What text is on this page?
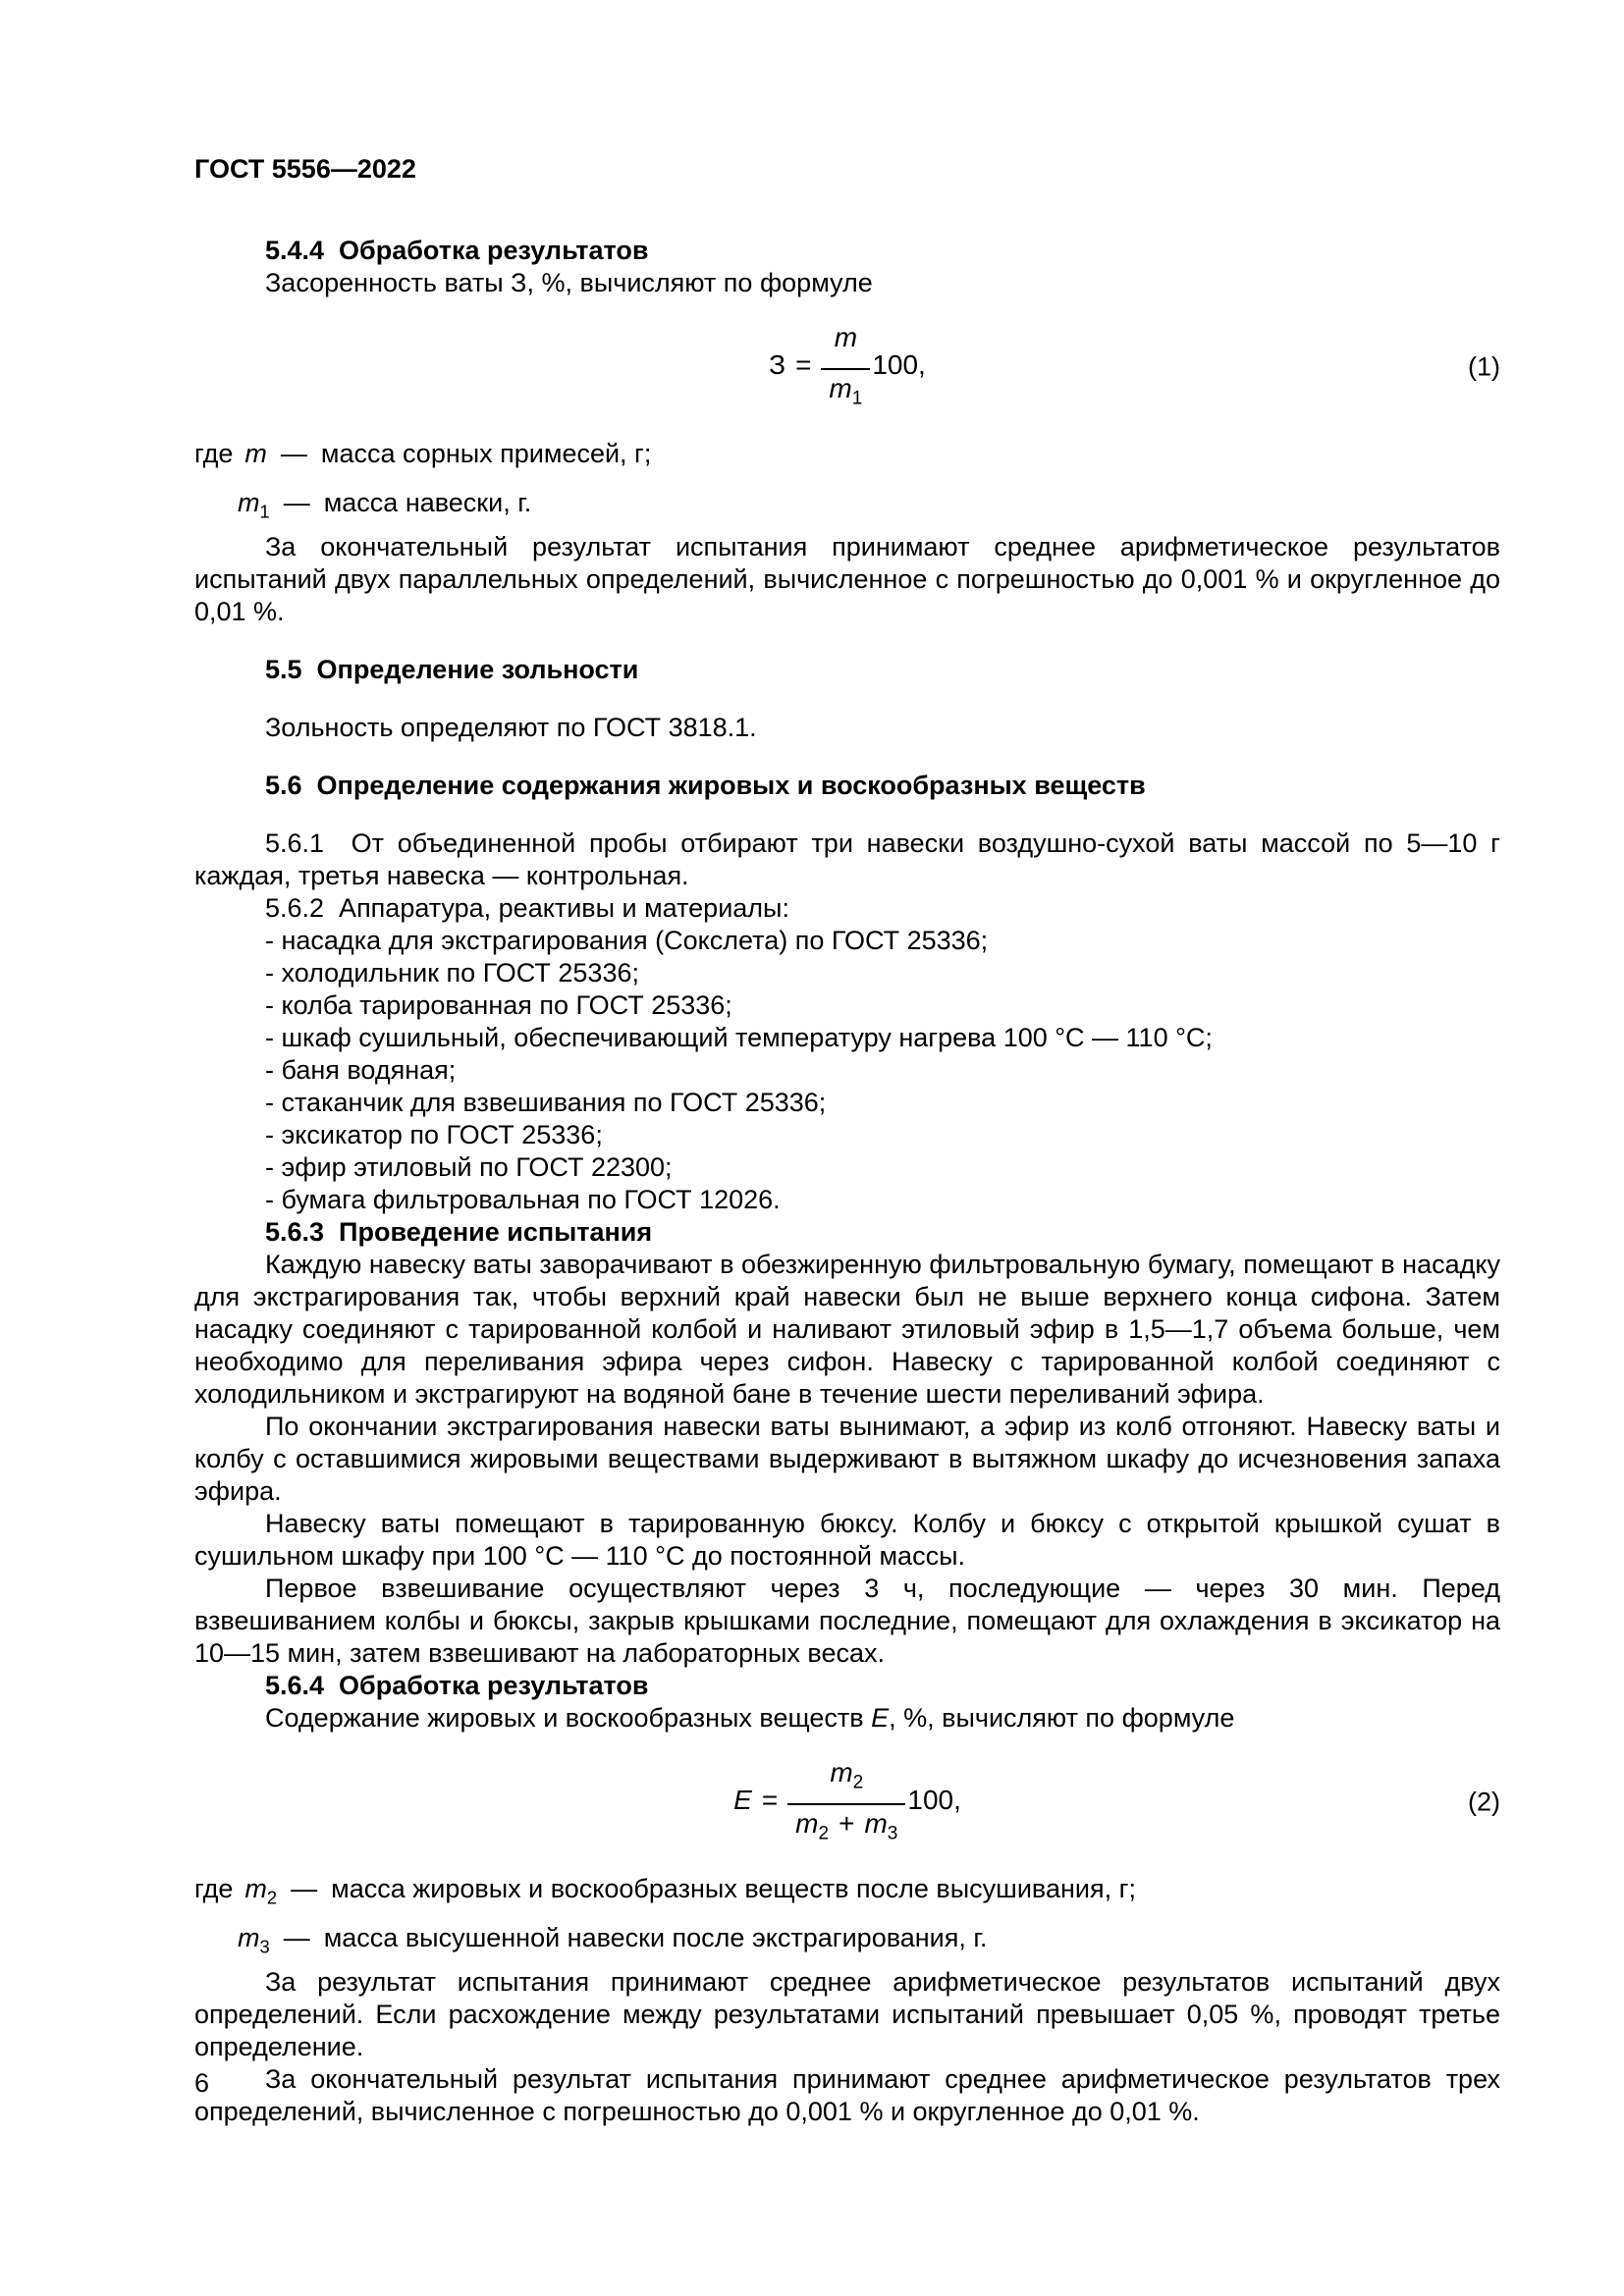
ГОСТ 5556—2022

5.4.4  Обработка результатов

Засоренность ваты З, %, вычисляют по формуле

$З = \frac{m}{m_1} 100$,	(1)

где m — масса сорных примесей, г;

$m_1$ — масса навески, г.

За окончательный результат испытания принимают среднее арифметическое результатов испытаний двух параллельных определений, вычисленное с погрешностью до 0,001 % и округленное до 0,01 %.

5.5  Определение зольности

Зольность определяют по ГОСТ 3818.1.

5.6  Определение содержания жировых и воскообразных веществ

5.6.1  От объединенной пробы отбирают три навески воздушно-сухой ваты массой по 5—10 г каждая, третья навеска — контрольная.

5.6.2  Аппаратура, реактивы и материалы:

- насадка для экстрагирования (Сокслета) по ГОСТ 25336;

- холодильник по ГОСТ 25336;

- колба тарированная по ГОСТ 25336;

- шкаф сушильный, обеспечивающий температуру нагрева 100 °С — 110 °С;

- баня водяная;

- стаканчик для взвешивания по ГОСТ 25336;

- эксикатор по ГОСТ 25336;

- эфир этиловый по ГОСТ 22300;

- бумага фильтровальная по ГОСТ 12026.

5.6.3  Проведение испытания

Каждую навеску ваты заворачивают в обезжиренную фильтровальную бумагу, помещают в насадку для экстрагирования так, чтобы верхний край навески был не выше верхнего конца сифона. Затем насадку соединяют с тарированной колбой и наливают этиловый эфир в 1,5—1,7 объема больше, чем необходимо для переливания эфира через сифон. Навеску с тарированной колбой соединяют с холодильником и экстрагируют на водяной бане в течение шести переливаний эфира.

По окончании экстрагирования навески ваты вынимают, а эфир из колб отгоняют. Навеску ваты и колбу с оставшимися жировыми веществами выдерживают в вытяжном шкафу до исчезновения запаха эфира.

Навеску ваты помещают в тарированную бюксу. Колбу и бюксу с открытой крышкой сушат в сушильном шкафу при 100 °С — 110 °С до постоянной массы.

Первое взвешивание осуществляют через 3 ч, последующие — через 30 мин. Перед взвешиванием колбы и бюксы, закрыв крышками последние, помещают для охлаждения в эксикатор на 10—15 мин, затем взвешивают на лабораторных весах.

5.6.4  Обработка результатов

Содержание жировых и воскообразных веществ E, %, вычисляют по формуле

$E = \frac{m_2}{m_2 + m_3} 100$,	(2)

где $m_2$ — масса жировых и воскообразных веществ после высушивания, г;

$m_3$ — масса высушенной навески после экстрагирования, г.

За результат испытания принимают среднее арифметическое результатов испытаний двух определений. Если расхождение между результатами испытаний превышает 0,05 %, проводят третье определение.

За окончательный результат испытания принимают среднее арифметическое результатов трех определений, вычисленное с погрешностью до 0,001 % и округленное до 0,01 %.

6
